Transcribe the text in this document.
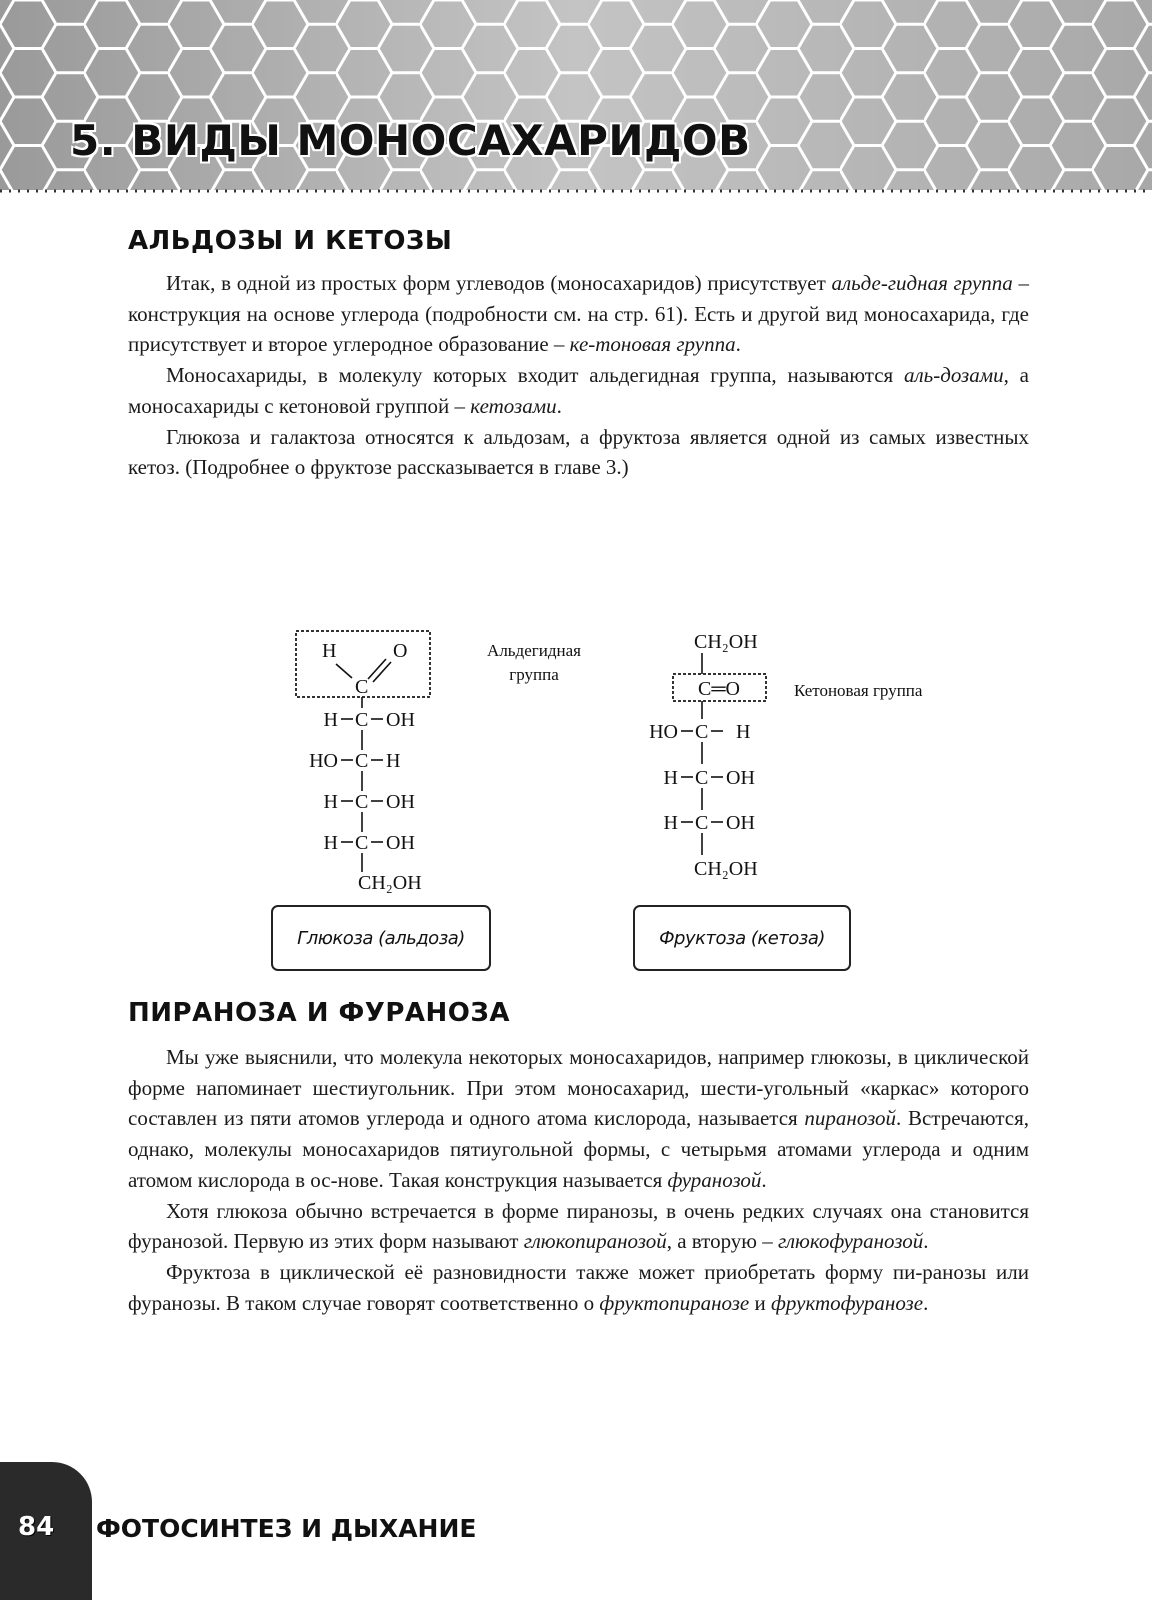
5. ВИДЫ МОНОСАХАРИДОВ
АЛЬДОЗЫ И КЕТОЗЫ

Итак, в одной из простых форм углеводов (моносахаридов) присутствует альде-гидная группа – конструкция на основе углерода (подробности см. на стр. 61). Есть и другой вид моносахарида, где присутствует и второе углеродное образование – ке-тоновая группа.

Моносахариды, в молекулу которых входит альдегидная группа, называются аль-дозами, а моносахариды с кетоновой группой – кетозами.

Глюкоза и галактоза относятся к альдозам, а фруктоза является одной из самых известных кетоз. (Подробнее о фруктозе рассказывается в главе 3.)

H	O
C
H C OH
HO C H
H C OH
H C OH
CH₂OH
Альдегидная
группа
CH₂OH
C═O
HO C H
H C OH
H C OH
CH₂OH
Кетоновая группа
Глюкоза (альдоза)	Фруктоза (кетоза)
ПИРАНОЗА И ФУРАНОЗА

Мы уже выяснили, что молекула некоторых моносахаридов, например глюкозы, в циклической форме напоминает шестиугольник. При этом моносахарид, шести-угольный «каркас» которого составлен из пяти атомов углерода и одного атома кислорода, называется пиранозой. Встречаются, однако, молекулы моносахаридов пятиугольной формы, с четырьмя атомами углерода и одним атомом кислорода в ос-нове. Такая конструкция называется фуранозой.

Хотя глюкоза обычно встречается в форме пиранозы, в очень редких случаях она становится фуранозой. Первую из этих форм называют глюкопиранозой, а вторую – глюкофуранозой.

Фруктоза в циклической её разновидности также может приобретать форму пи-ранозы или фуранозы. В таком случае говорят соответственно о фруктопиранозе и фруктофуранозе.

84 ФОТОСИНТЕЗ И ДЫХАНИЕ
